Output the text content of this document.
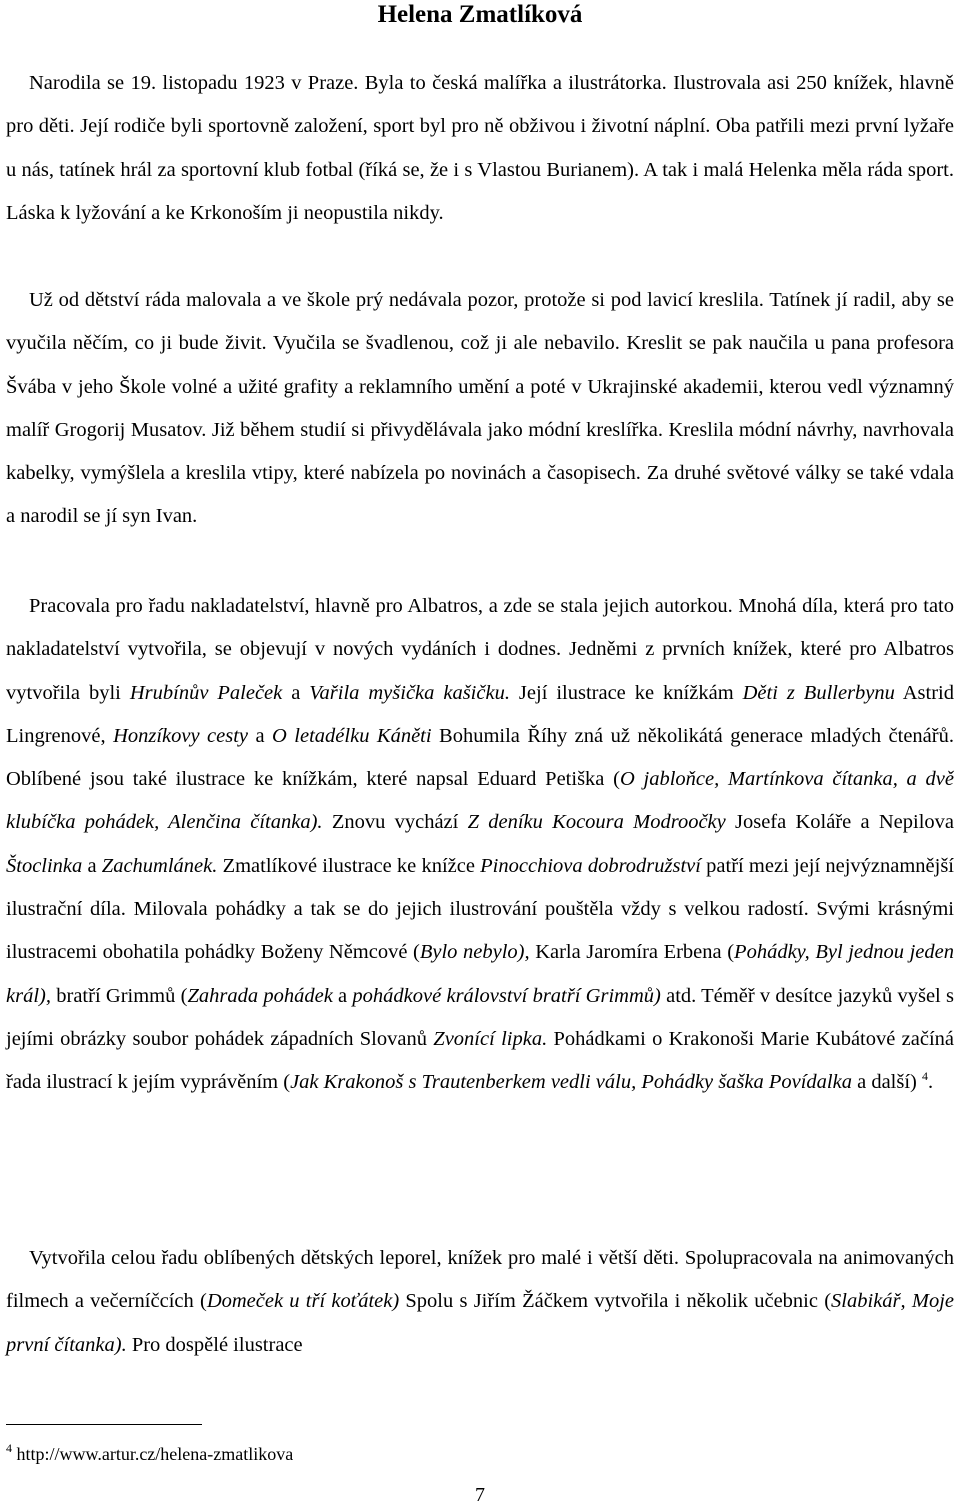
Helena Zmatlíková

Narodila se 19. listopadu 1923 v Praze. Byla to česká malířka a ilustrátorka. Ilustrovala asi 250 knížek, hlavně pro děti. Její rodiče byli sportovně založení, sport byl pro ně obživou i životní náplní. Oba patřili mezi první lyžaře u nás, tatínek hrál za sportovní klub fotbal (říká se, že i s Vlastou Burianem). A tak i malá Helenka měla ráda sport. Láska k lyžování a ke Krkonoším ji neopustila nikdy.

Už od dětství ráda malovala a ve škole prý nedávala pozor, protože si pod lavicí kreslila. Tatínek jí radil, aby se vyučila něčím, co ji bude živit. Vyučila se švadlenou, což ji ale nebavilo. Kreslit se pak naučila u pana profesora Švába v jeho Škole volné a užité grafity a reklamního umění a poté v Ukrajinské akademii, kterou vedl významný malíř Grogorij Musatov. Již během studií si přivydělávala jako módní kreslířka. Kreslila módní návrhy, navrhovala kabelky, vymýšlela a kreslila vtipy, které nabízela po novinách a časopisech. Za druhé světové války se také vdala a narodil se jí syn Ivan.

Pracovala pro řadu nakladatelství, hlavně pro Albatros, a zde se stala jejich autorkou. Mnohá díla, která pro tato nakladatelství vytvořila, se objevují v nových vydáních i dodnes. Jedněmi z prvních knížek, které pro Albatros vytvořila byli Hrubínův Paleček a Vařila myšička kašičku. Její ilustrace ke knížkám Děti z Bullerbynu Astrid Lingrenové, Honzíkovy cesty a O letadélku Káněti Bohumila Říhy zná už několikátá generace mladých čtenářů. Oblíbené jsou také ilustrace ke knížkám, které napsal Eduard Petiška (O jabloňce, Martínkova čítanka, a dvě klubíčka pohádek, Alenčina čítanka). Znovu vychází Z deníku Kocoura Modroočky Josefa Koláře a Nepilova Štoclinka a Zachumlánek. Zmatlíkové ilustrace ke knížce Pinocchiova dobrodružství patří mezi její nejvýznamnější ilustrační díla. Milovala pohádky a tak se do jejich ilustrování pouštěla vždy s velkou radostí. Svými krásnými ilustracemi obohatila pohádky Boženy Němcové (Bylo nebylo), Karla Jaromíra Erbena (Pohádky, Byl jednou jeden král), bratří Grimmů (Zahrada pohádek a pohádkové království bratří Grimmů) atd. Téměř v desítce jazyků vyšel s jejími obrázky soubor pohádek západních Slovanů Zvonící lipka. Pohádkami o Krakonoši Marie Kubátové začíná řada ilustrací k jejím vyprávěním (Jak Krakonoš s Trautenberkem vedli válu, Pohádky šaška Povídalka a další) $^4$.

Vytvořila celou řadu oblíbených dětských leporel, knížek pro malé i větší děti. Spolupracovala na animovaných filmech a večerníčcích (Domeček u tří koťátek) Spolu s Jiřím Žáčkem vytvořila i několik učebnic (Slabikář, Moje první čítanka). Pro dospělé ilustrace

$^4$ http://www.artur.cz/helena-zmatlikova
7
